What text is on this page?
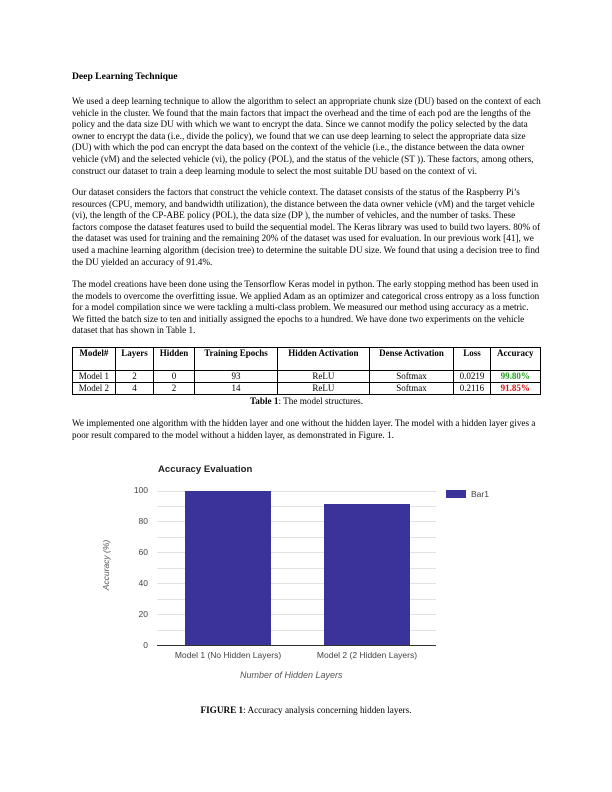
Deep Learning Technique
We used a deep learning technique to allow the algorithm to select an appropriate chunk size (DU) based on the context of each vehicle in the cluster. We found that the main factors that impact the overhead and the time of each pod are the lengths of the policy and the data size DU with which we want to encrypt the data. Since we cannot modify the policy selected by the data owner to encrypt the data (i.e., divide the policy), we found that we can use deep learning to select the appropriate data size (DU) with which the pod can encrypt the data based on the context of the vehicle (i.e., the distance between the data owner vehicle (vM) and the selected vehicle (vi), the policy (POL), and the status of the vehicle (ST )). These factors, among others, construct our dataset to train a deep learning module to select the most suitable DU based on the context of vi.
Our dataset considers the factors that construct the vehicle context. The dataset consists of the status of the Raspberry Pi’s resources (CPU, memory, and bandwidth utilization), the distance between the data owner vehicle (vM) and the target vehicle (vi), the length of the CP-ABE policy (POL), the data size (DP ), the number of vehicles, and the number of tasks. These factors compose the dataset features used to build the sequential model. The Keras library was used to build two layers. 80% of the dataset was used for training and the remaining 20% of the dataset was used for evaluation. In our previous work [41], we used a machine learning algorithm (decision tree) to determine the suitable DU size. We found that using a decision tree to find the DU yielded an accuracy of 91.4%.
The model creations have been done using the Tensorflow Keras model in python. The early stopping method has been used in the models to overcome the overfitting issue. We applied Adam as an optimizer and categorical cross entropy as a loss function for a model compilation since we were tackling a multi-class problem. We measured our method using accuracy as a metric. We fitted the batch size to ten and initially assigned the epochs to a hundred. We have done two experiments on the vehicle dataset that has shown in Table 1.
Model#	Layers	Hidden	Training Epochs	Hidden Activation	Dense Activation	Loss	Accuracy
Model 1	2	0	93	ReLU	Softmax	0.0219	99.80%
Model 2	4	2	14	ReLU	Softmax	0.2116	91.85%
Table 1: The model structures.
We implemented one algorithm with the hidden layer and one without the hidden layer. The model with a hidden layer gives a poor result compared to the model without a hidden layer, as demonstrated in Figure. 1.
Accuracy Evaluation
100
80
60
40
20
0
Model 1 (No Hidden Layers)	Model 2 (2 Hidden Layers)
Number of Hidden Layers
Accuracy (%)
Bar1
FIGURE 1: Accuracy analysis concerning hidden layers.
